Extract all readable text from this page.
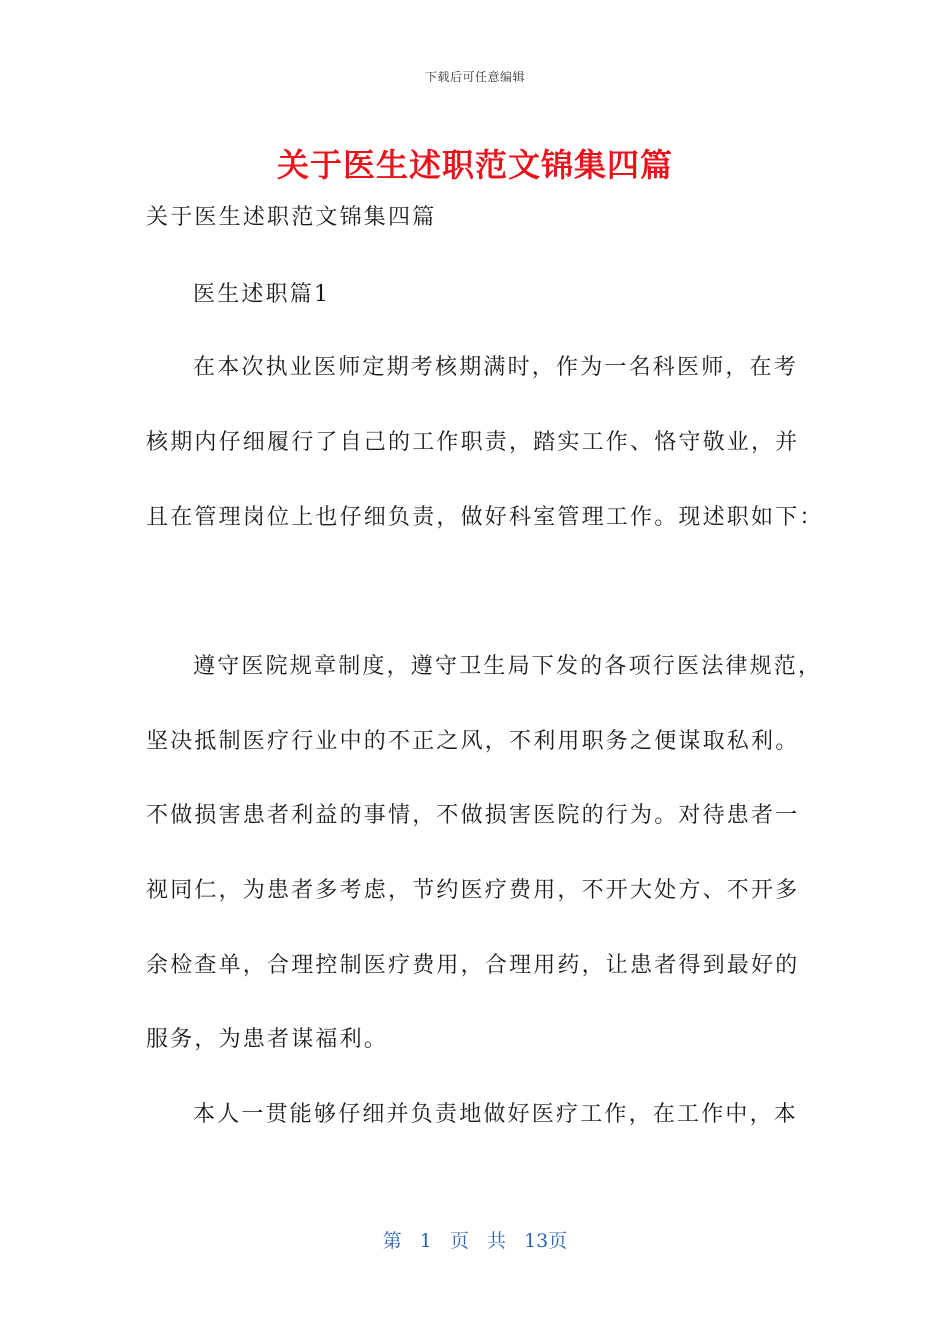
下载后可任意编辑
关于医生述职范文锦集四篇
关于医生述职范文锦集四篇
医生述职篇1
在本次执业医师定期考核期满时，作为一名科医师，在考
核期内仔细履行了自己的工作职责，踏实工作、恪守敬业，并
且在管理岗位上也仔细负责，做好科室管理工作。现述职如下：
遵守医院规章制度，遵守卫生局下发的各项行医法律规范，
坚决抵制医疗行业中的不正之风，不利用职务之便谋取私利。
不做损害患者利益的事情，不做损害医院的行为。对待患者一
视同仁，为患者多考虑，节约医疗费用，不开大处方、不开多
余检查单，合理控制医疗费用，合理用药，让患者得到最好的
服务，为患者谋福利。
本人一贯能够仔细并负责地做好医疗工作，在工作中，本
第 1 页 共 13页
